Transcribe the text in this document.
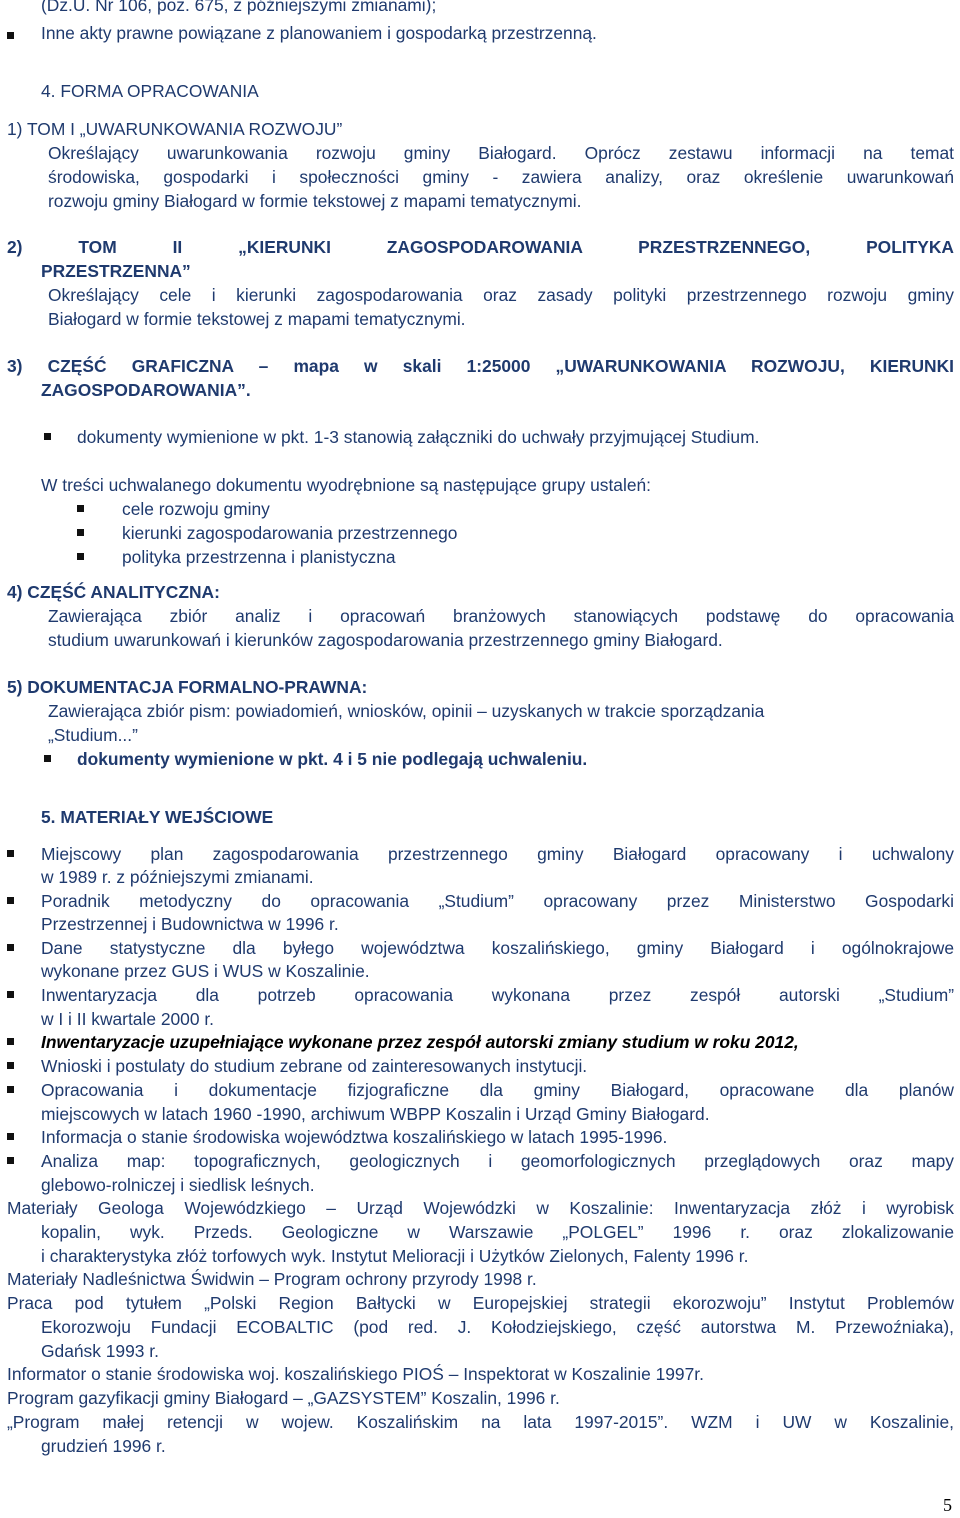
(Dz.U. Nr 106, poz. 675, z późniejszymi zmianami);
Inne akty prawne powiązane z planowaniem i gospodarką przestrzenną.
4. FORMA OPRACOWANIA
1) TOM I „UWARUNKOWANIA ROZWOJU”
Określający uwarunkowania rozwoju gminy Białogard. Oprócz zestawu informacji na temat
środowiska, gospodarki i społeczności gminy - zawiera analizy, oraz określenie uwarunkowań
rozwoju gminy Białogard w formie tekstowej z mapami tematycznymi.
2) TOM II „KIERUNKI ZAGOSPODAROWANIA PRZESTRZENNEGO, POLITYKA
PRZESTRZENNA”
Określający cele i kierunki zagospodarowania oraz zasady polityki przestrzennego rozwoju gminy
Białogard w formie tekstowej z mapami tematycznymi.
3) CZĘŚĆ GRAFICZNA – mapa w skali 1:25000 „UWARUNKOWANIA ROZWOJU, KIERUNKI
ZAGOSPODAROWANIA”.
dokumenty wymienione w pkt. 1-3 stanowią załączniki do uchwały przyjmującej Studium.
W treści uchwalanego dokumentu wyodrębnione są następujące grupy ustaleń:
cele rozwoju gminy
kierunki zagospodarowania przestrzennego
polityka przestrzenna i planistyczna
4) CZĘŚĆ ANALITYCZNA:
Zawierająca zbiór analiz i opracowań branżowych stanowiących podstawę do opracowania
studium uwarunkowań i kierunków zagospodarowania przestrzennego gminy Białogard.
5) DOKUMENTACJA FORMALNO-PRAWNA:
Zawierająca zbiór pism: powiadomień, wniosków, opinii – uzyskanych w trakcie sporządzania
„Studium...”
dokumenty wymienione w pkt. 4 i 5 nie podlegają uchwaleniu.
5. MATERIAŁY WEJŚCIOWE
Miejscowy plan zagospodarowania przestrzennego gminy Białogard opracowany i uchwalony
w 1989 r. z późniejszymi zmianami.
Poradnik metodyczny do opracowania „Studium” opracowany przez Ministerstwo Gospodarki
Przestrzennej i Budownictwa w 1996 r.
Dane statystyczne dla byłego województwa koszalińskiego, gminy Białogard i ogólnokrajowe
wykonane przez GUS i WUS w Koszalinie.
Inwentaryzacja dla potrzeb opracowania wykonana przez zespół autorski „Studium”
w I i II kwartale 2000 r.
Inwentaryzacje uzupełniające wykonane przez zespół autorski zmiany studium w roku 2012,
Wnioski i postulaty do studium zebrane od zainteresowanych instytucji.
Opracowania i dokumentacje fizjograficzne dla gminy Białogard, opracowane dla planów
miejscowych w latach 1960 -1990, archiwum WBPP Koszalin i Urząd Gminy Białogard.
Informacja o stanie środowiska województwa koszalińskiego w latach 1995-1996.
Analiza map: topograficznych, geologicznych i geomorfologicznych przeglądowych oraz mapy
glebowo-rolniczej i siedlisk leśnych.
Materiały Geologa Wojewódzkiego – Urząd Wojewódzki w Koszalinie: Inwentaryzacja złóż i wyrobisk
kopalin, wyk. Przeds. Geologiczne w Warszawie „POLGEL” 1996 r. oraz zlokalizowanie
i charakterystyka złóż torfowych wyk. Instytut Melioracji i Użytków Zielonych, Falenty 1996 r.
Materiały Nadleśnictwa Świdwin – Program ochrony przyrody 1998 r.
Praca pod tytułem „Polski Region Bałtycki w Europejskiej strategii ekorozwoju” Instytut Problemów
Ekorozwoju Fundacji ECOBALTIC (pod red. J. Kołodziejskiego, część autorstwa M. Przewoźniaka),
Gdańsk 1993 r.
Informator o stanie środowiska woj. koszalińskiego PIOŚ – Inspektorat w Koszalinie 1997r.
Program gazyfikacji gminy Białogard – „GAZSYSTEM” Koszalin, 1996 r.
„Program małej retencji w wojew. Koszalińskim na lata 1997-2015”. WZM i UW w Koszalinie,
grudzień 1996 r.
5
